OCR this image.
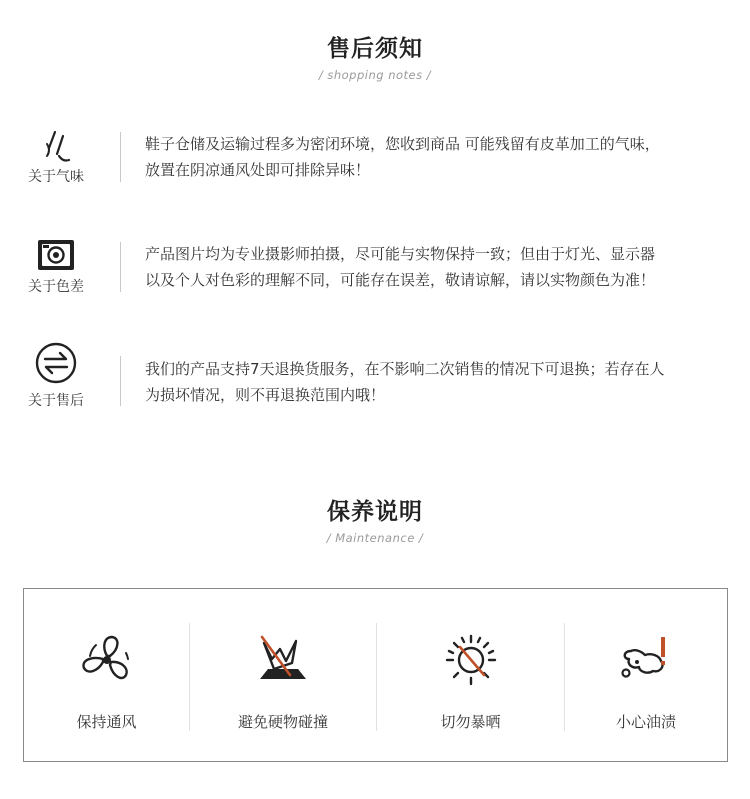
售后须知
/ shopping notes /
关于气味
鞋子仓储及运输过程多为密闭环境，您收到商品 可能残留有皮革加工的气味，
放置在阴凉通风处即可排除异味！
关于色差
产品图片均为专业摄影师拍摄，尽可能与实物保持一致；但由于灯光、显示器
以及个人对色彩的理解不同，可能存在误差，敬请谅解，请以实物颜色为准！
关于售后
我们的产品支持7天退换货服务，在不影响二次销售的情况下可退换；若存在人
为损坏情况，则不再退换范围内哦！
保养说明
/ Maintenance /
保持通风	避免硬物碰撞	切勿暴晒	小心油渍
